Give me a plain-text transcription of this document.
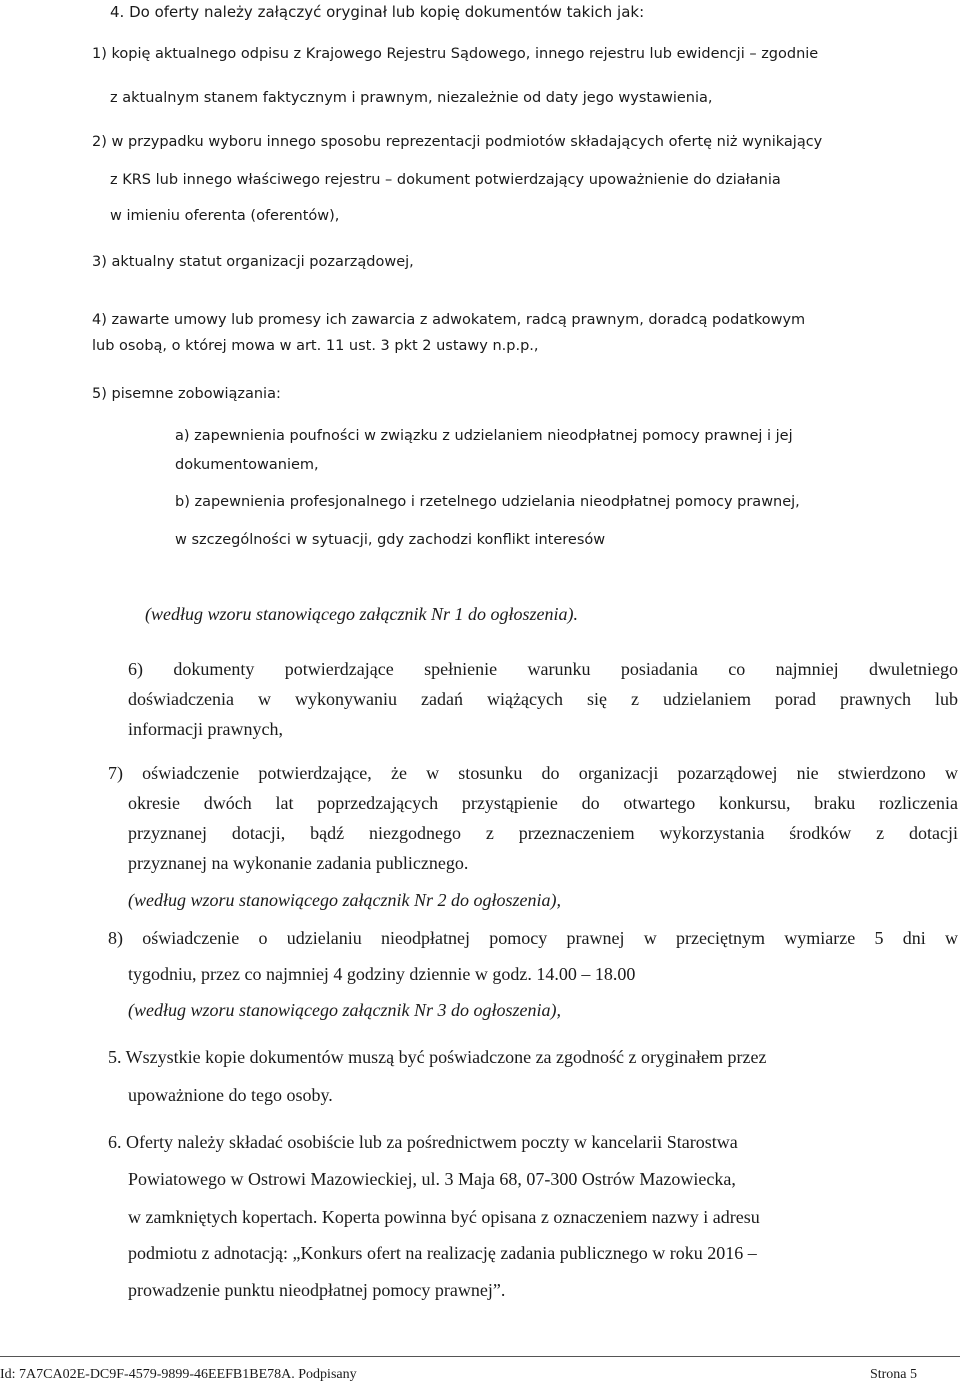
4. Do oferty należy załączyć oryginał lub kopię dokumentów takich jak:
1) kopię aktualnego odpisu z Krajowego Rejestru Sądowego, innego rejestru lub ewidencji – zgodnie
z aktualnym stanem faktycznym i prawnym, niezależnie od daty jego wystawienia,
2) w przypadku wyboru innego sposobu reprezentacji podmiotów składających ofertę niż wynikający
z KRS lub innego właściwego rejestru – dokument potwierdzający upoważnienie do działania
w imieniu oferenta (oferentów),
3) aktualny statut organizacji pozarządowej,
4) zawarte umowy lub promesy ich zawarcia z adwokatem, radcą prawnym, doradcą podatkowym
lub osobą, o której mowa w art. 11 ust. 3 pkt 2 ustawy n.p.p.,
5) pisemne zobowiązania:
a) zapewnienia poufności w związku z udzielaniem nieodpłatnej pomocy prawnej i jej
dokumentowaniem,
b) zapewnienia profesjonalnego i rzetelnego udzielania nieodpłatnej pomocy prawnej,
w szczególności w sytuacji, gdy zachodzi konflikt interesów
(według wzoru stanowiącego załącznik Nr 1 do ogłoszenia).
6) dokumenty potwierdzające spełnienie warunku posiadania co najmniej dwuletniego
doświadczenia w wykonywaniu zadań wiążących się z udzielaniem porad prawnych lub
informacji prawnych,
7) oświadczenie potwierdzające, że w stosunku do organizacji pozarządowej nie stwierdzono w
okresie dwóch lat poprzedzających przystąpienie do otwartego konkursu, braku rozliczenia
przyznanej dotacji, bądź niezgodnego z przeznaczeniem wykorzystania środków z dotacji
przyznanej na wykonanie zadania publicznego.
(według wzoru stanowiącego załącznik Nr 2 do ogłoszenia),
8) oświadczenie o udzielaniu nieodpłatnej pomocy prawnej w przeciętnym wymiarze 5 dni w
tygodniu, przez co najmniej 4 godziny dziennie w godz. 14.00 – 18.00
(według wzoru stanowiącego załącznik Nr 3 do ogłoszenia),
5. Wszystkie kopie dokumentów muszą być poświadczone za zgodność z oryginałem przez
upoważnione do tego osoby.
6. Oferty należy składać osobiście lub za pośrednictwem poczty w kancelarii Starostwa
Powiatowego w Ostrowi Mazowieckiej, ul. 3 Maja 68, 07-300 Ostrów Mazowiecka,
w zamkniętych kopertach. Koperta powinna być opisana z oznaczeniem nazwy i adresu
podmiotu z adnotacją: „Konkurs ofert na realizację zadania publicznego w roku 2016 –
prowadzenie punktu nieodpłatnej pomocy prawnej”.
Id: 7A7CA02E-DC9F-4579-9899-46EEFB1BE78A. Podpisany	Strona 5
